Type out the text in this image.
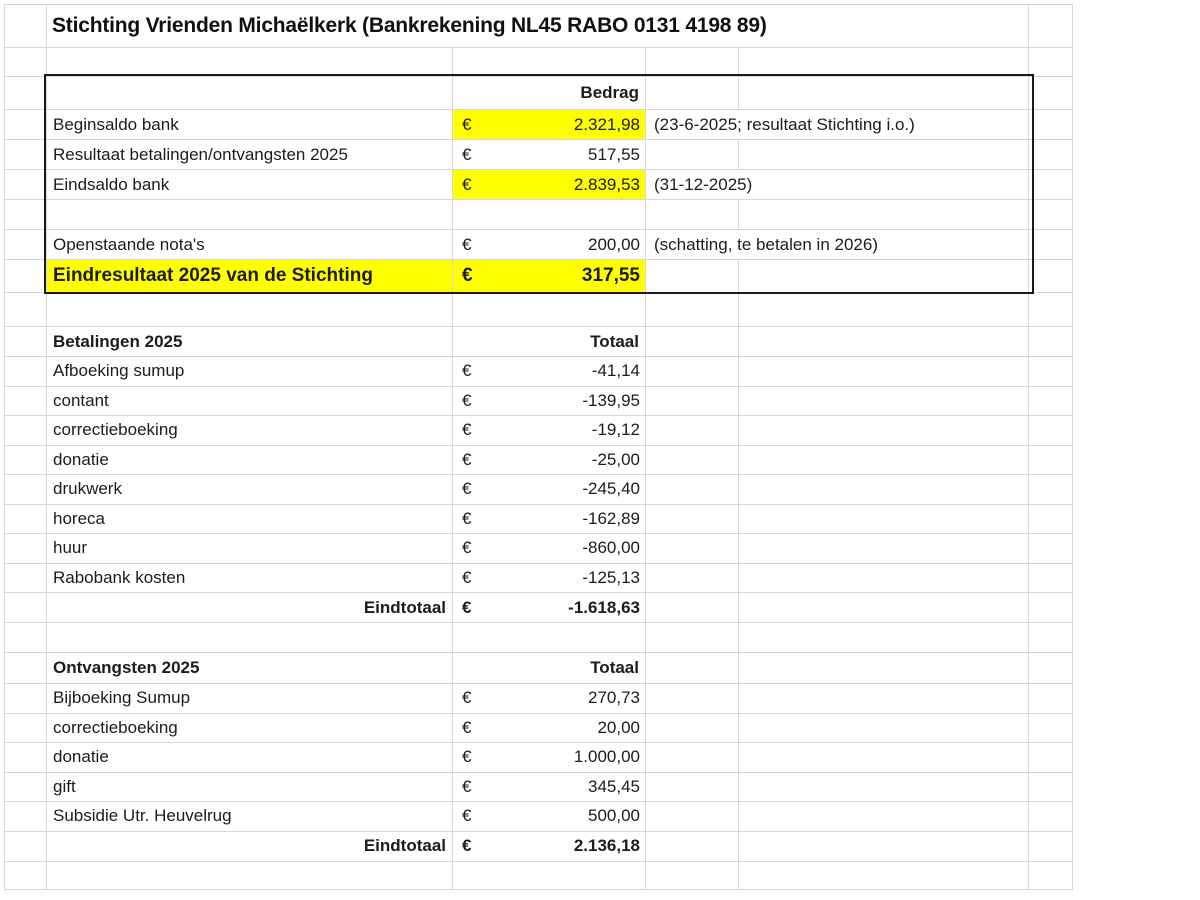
Stichting Vrienden Michaëlkerk (Bankrekening NL45 RABO 0131 4198 89)
Bedrag
Beginsaldo bank	€	2.321,98 (23-6-2025; resultaat Stichting i.o.)
Resultaat betalingen/ontvangsten 2025	€	517,55
Eindsaldo bank	€	2.839,53 (31-12-2025)
Openstaande nota's	€	200,00 (schatting, te betalen in 2026)
Eindresultaat 2025 van de Stichting	€	317,55
Betalingen 2025	Totaal
Afboeking sumup	€	-41,14
contant	€	-139,95
correctieboeking	€	-19,12
donatie	€	-25,00
drukwerk	€	-245,40
horeca	€	-162,89
huur	€	-860,00
Rabobank kosten	€	-125,13
Eindtotaal €	-1.618,63
Ontvangsten 2025	Totaal
Bijboeking Sumup	€	270,73
correctieboeking	€	20,00
donatie	€	1.000,00
gift	€	345,45
Subsidie Utr. Heuvelrug	€	500,00
Eindtotaal €	2.136,18
